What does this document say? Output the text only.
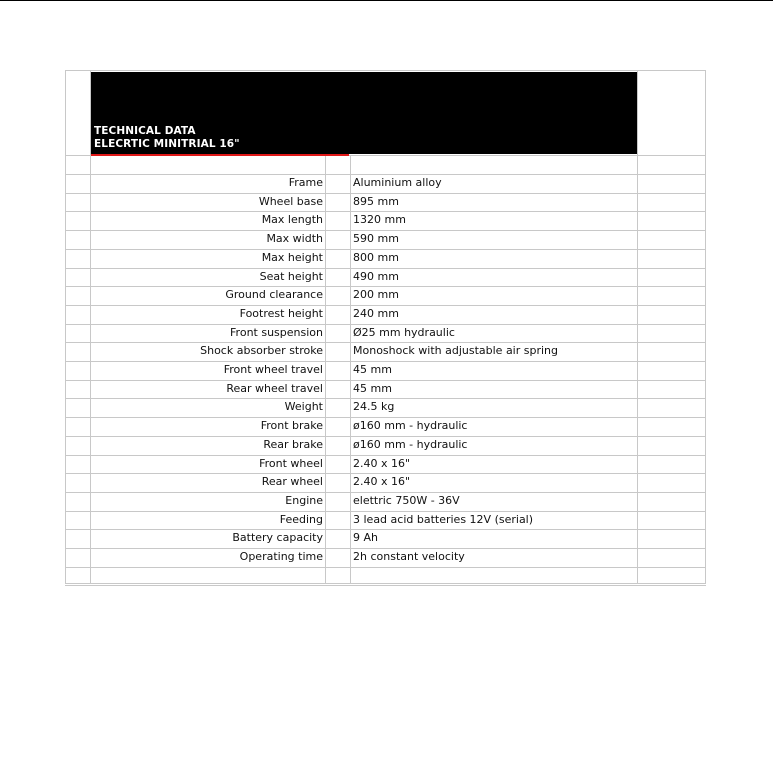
TECHNICAL DATA
ELECRTIC MINITRIAL 16"
Frame	Aluminium alloy
Wheel base	895 mm
Max length	1320 mm
Max width	590 mm
Max height	800 mm
Seat height	490 mm
Ground clearance	200 mm
Footrest height	240 mm
Front suspension	Ø25 mm hydraulic
Shock absorber stroke	Monoshock with adjustable air spring
Front wheel travel	45 mm
Rear wheel travel	45 mm
Weight	24.5 kg
Front brake	ø160 mm - hydraulic
Rear brake	ø160 mm - hydraulic
Front wheel	2.40 x 16"
Rear wheel	2.40 x 16"
Engine	elettric 750W - 36V
Feeding	3 lead acid batteries 12V (serial)
Battery capacity	9 Ah
Operating time	2h constant velocity
